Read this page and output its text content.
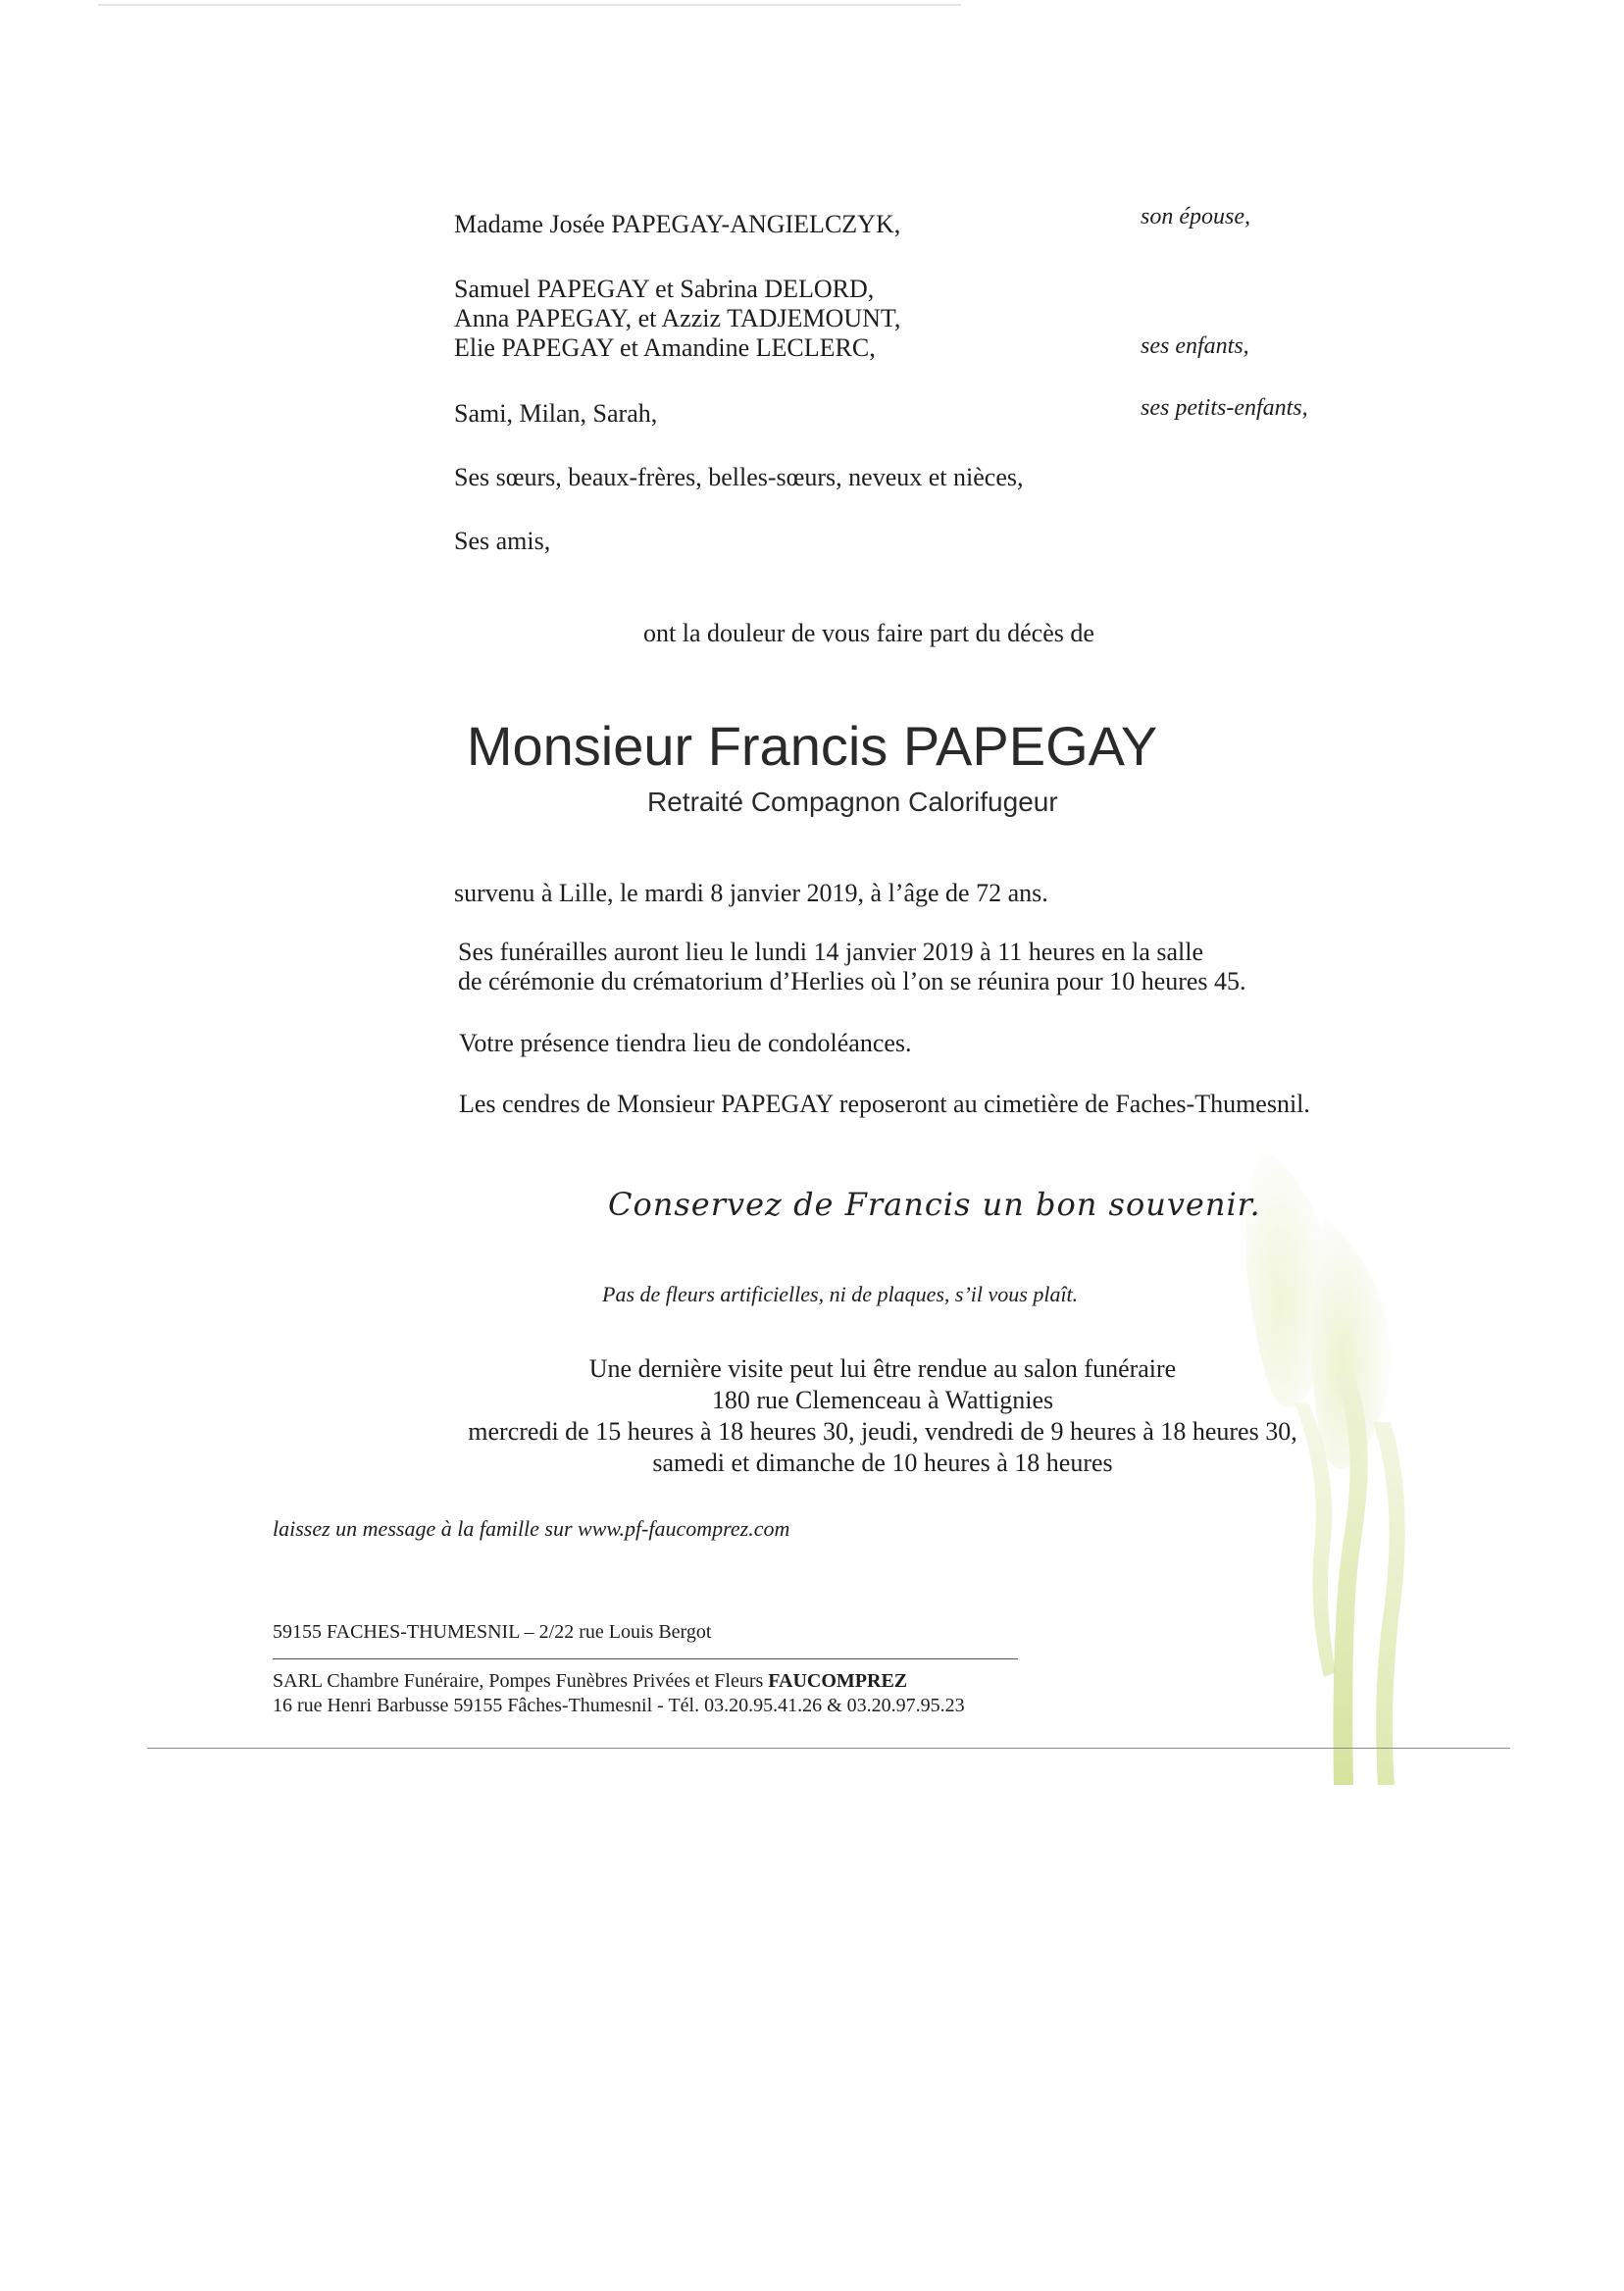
Madame Josée PAPEGAY-ANGIELCZYK,	son épouse,

Samuel PAPEGAY et Sabrina DELORD,

Anna PAPEGAY, et Azziz TADJEMOUNT,

Elie PAPEGAY et Amandine LECLERC,	ses enfants,

Sami, Milan, Sarah,	ses petits-enfants,

Ses sœurs, beaux-frères, belles-sœurs, neveux et nièces,

Ses amis,

ont la douleur de vous faire part du décès de
Monsieur Francis PAPEGAY
Retraité Compagnon Calorifugeur

survenu à Lille, le mardi 8 janvier 2019, à l’âge de 72 ans.

Ses funérailles auront lieu le lundi 14 janvier 2019 à 11 heures en la salle

de cérémonie du crématorium d’Herlies où l’on se réunira pour 10 heures 45.

Votre présence tiendra lieu de condoléances.

Les cendres de Monsieur PAPEGAY reposeront au cimetière de Faches-Thumesnil.

Conservez de Francis un bon souvenir.
Pas de fleurs artificielles, ni de plaques, s’il vous plaît.
Une dernière visite peut lui être rendue au salon funéraire
180 rue Clemenceau à Wattignies
mercredi de 15 heures à 18 heures 30, jeudi, vendredi de 9 heures à 18 heures 30,
samedi et dimanche de 10 heures à 18 heures
laissez un message à la famille sur www.pf-faucomprez.com
59155 FACHES-THUMESNIL – 2/22 rue Louis Bergot
SARL Chambre Funéraire, Pompes Funèbres Privées et Fleurs FAUCOMPREZ
16 rue Henri Barbusse 59155 Fâches-Thumesnil - Tél. 03.20.95.41.26 & 03.20.97.95.23
